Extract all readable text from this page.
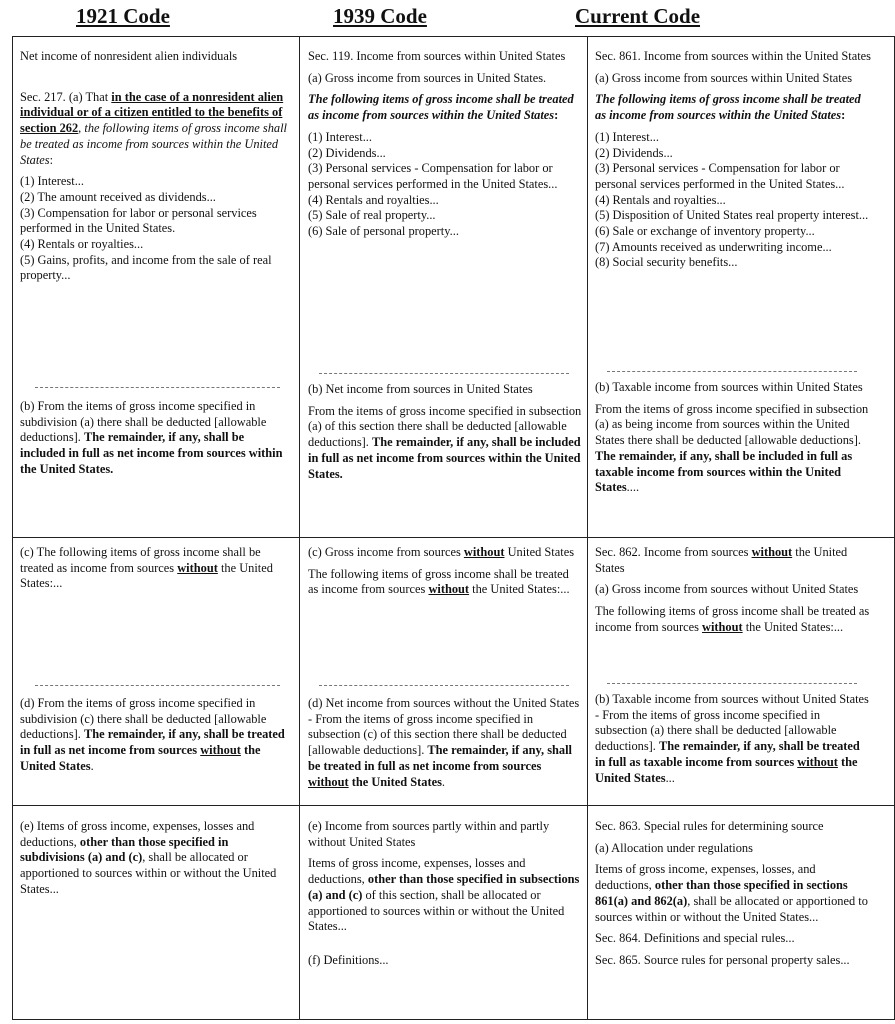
1921 Code	1939 Code	Current Code

Net income of nonresident alien individuals

Sec. 217. (a) That in the case of a nonresident alien individual or of a citizen entitled to the benefits of section 262, the following items of gross income shall be treated as income from sources within the United States:

(1) Interest...
(2) The amount received as dividends...
(3) Compensation for labor or personal services performed in the United States.
(4) Rentals or royalties...
(5) Gains, profits, and income from the sale of real property...

(b) From the items of gross income specified in subdivision (a) there shall be deducted [allowable deductions]. The remainder, if any, shall be included in full as net income from sources within the United States.

Sec. 119. Income from sources within United States

(a) Gross income from sources in United States.

The following items of gross income shall be treated as income from sources within the United States:

(1) Interest...
(2) Dividends...
(3) Personal services - Compensation for labor or personal services performed in the United States...
(4) Rentals and royalties...
(5) Sale of real property...
(6) Sale of personal property...

(b) Net income from sources in United States

From the items of gross income specified in subsection (a) of this section there shall be deducted [allowable deductions]. The remainder, if any, shall be included in full as net income from sources within the United States.

Sec. 861. Income from sources within the United States

(a) Gross income from sources within United States

The following items of gross income shall be treated as income from sources within the United States:

(1) Interest...
(2) Dividends...
(3) Personal services - Compensation for labor or personal services performed in the United States...
(4) Rentals and royalties...
(5) Disposition of United States real property interest...
(6) Sale or exchange of inventory property...
(7) Amounts received as underwriting income...
(8) Social security benefits...

(b) Taxable income from sources within United States

From the items of gross income specified in subsection (a) as being income from sources within the United States there shall be deducted [allowable deductions]. The remainder, if any, shall be included in full as taxable income from sources within the United States....

(c) The following items of gross income shall be treated as income from sources without the United States:...

(d) From the items of gross income specified in subdivision (c) there shall be deducted [allowable deductions]. The remainder, if any, shall be treated in full as net income from sources without the United States.

(c) Gross income from sources without United States

The following items of gross income shall be treated as income from sources without the United States:...

(d) Net income from sources without the United States - From the items of gross income specified in subsection (c) of this section there shall be deducted [allowable deductions]. The remainder, if any, shall be treated in full as net income from sources without the United States.

Sec. 862. Income from sources without the United States

(a) Gross income from sources without United States

The following items of gross income shall be treated as income from sources without the United States:...

(b) Taxable income from sources without United States - From the items of gross income specified in subsection (a) there shall be deducted [allowable deductions]. The remainder, if any, shall be treated in full as taxable income from sources without the United States...

(e) Items of gross income, expenses, losses and deductions, other than those specified in subdivisions (a) and (c), shall be allocated or apportioned to sources within or without the United States...

(e) Income from sources partly within and partly without United States

Items of gross income, expenses, losses and deductions, other than those specified in subsections (a) and (c) of this section, shall be allocated or apportioned to sources within or without the United States...

(f) Definitions...

Sec. 863. Special rules for determining source

(a) Allocation under regulations

Items of gross income, expenses, losses, and deductions, other than those specified in sections 861(a) and 862(a), shall be allocated or apportioned to sources within or without the United States...

Sec. 864. Definitions and special rules...

Sec. 865. Source rules for personal property sales...
